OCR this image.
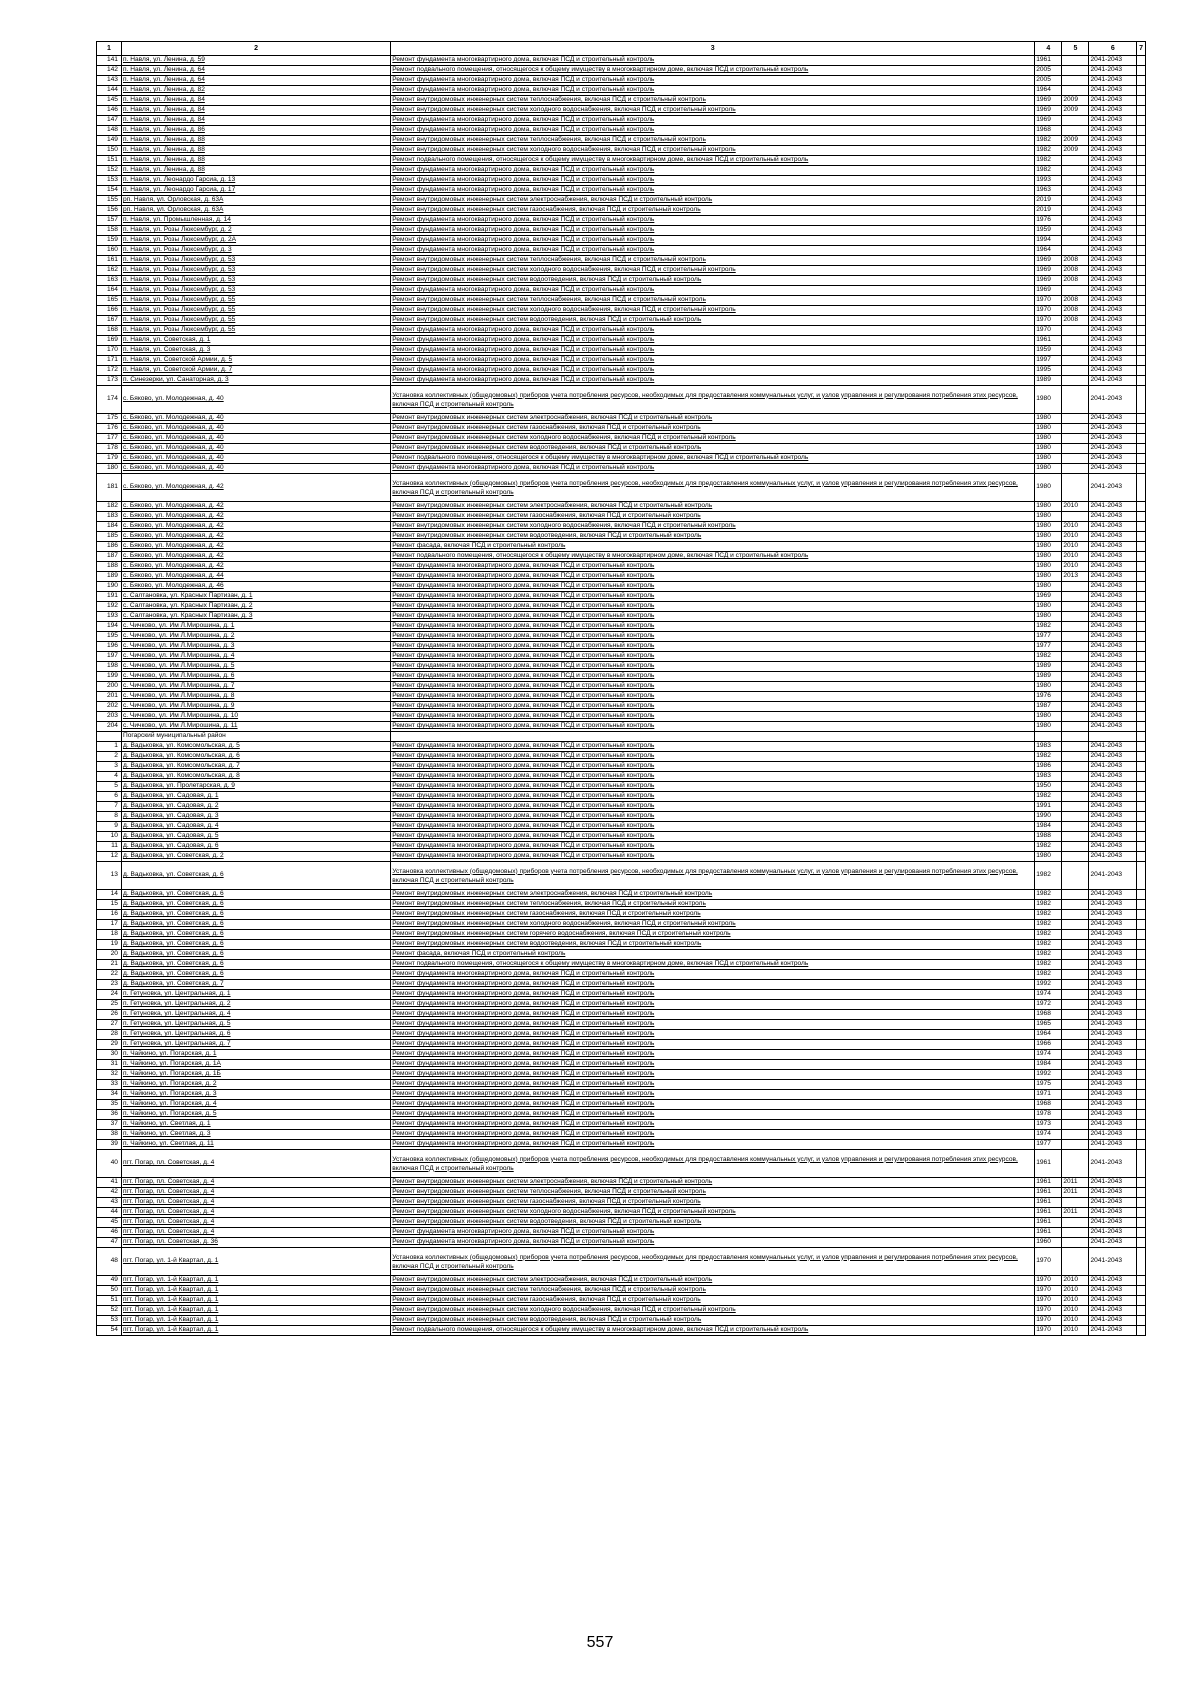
1	2	3	4	5	6	7
141	п. Навля, ул. Ленина, д. 59	Ремонт фундамента многоквартирного дома, включая ПСД и строительный контроль	1961		2041-2043	
142	п. Навля, ул. Ленина, д. 64	Ремонт подвального помещения, относящегося к общему имуществу в многоквартирном доме, включая ПСД и строительный контроль	2005		2041-2043	
143	п. Навля, ул. Ленина, д. 64	Ремонт фундамента многоквартирного дома, включая ПСД и строительный контроль	2005		2041-2043	
144	п. Навля, ул. Ленина, д. 82	Ремонт фундамента многоквартирного дома, включая ПСД и строительный контроль	1964		2041-2043	
145	п. Навля, ул. Ленина, д. 84	Ремонт внутридомовых инженерных систем теплоснабжения, включая ПСД и строительный контроль	1969	2009	2041-2043	
146	п. Навля, ул. Ленина, д. 84	Ремонт внутридомовых инженерных систем холодного водоснабжения, включая ПСД и строительный контроль	1969	2009	2041-2043	
147	п. Навля, ул. Ленина, д. 84	Ремонт фундамента многоквартирного дома, включая ПСД и строительный контроль	1969		2041-2043	
148	п. Навля, ул. Ленина, д. 86	Ремонт фундамента многоквартирного дома, включая ПСД и строительный контроль	1968		2041-2043	
149	п. Навля, ул. Ленина, д. 88	Ремонт внутридомовых инженерных систем теплоснабжения, включая ПСД и строительный контроль	1982	2009	2041-2043	
150	п. Навля, ул. Ленина, д. 88	Ремонт внутридомовых инженерных систем холодного водоснабжения, включая ПСД и строительный контроль	1982	2009	2041-2043	
151	п. Навля, ул. Ленина, д. 88	Ремонт подвального помещения, относящегося к общему имуществу в многоквартирном доме, включая ПСД и строительный контроль	1982		2041-2043	
152	п. Навля, ул. Ленина, д. 88	Ремонт фундамента многоквартирного дома, включая ПСД и строительный контроль	1982		2041-2043	
153	п. Навля, ул. Леонардо Гарсиа, д. 13	Ремонт фундамента многоквартирного дома, включая ПСД и строительный контроль	1993		2041-2043	
154	п. Навля, ул. Леонардо Гарсиа, д. 17	Ремонт фундамента многоквартирного дома, включая ПСД и строительный контроль	1963		2041-2043	
155	рп. Навля, ул. Орловская, д. 63А	Ремонт внутридомовых инженерных систем электроснабжения, включая ПСД и строительный контроль	2019		2041-2043	
156	рп. Навля, ул. Орловская, д. 63А	Ремонт внутридомовых инженерных систем газоснабжения, включая ПСД и строительный контроль	2019		2041-2043	
157	п. Навля, ул. Промышленная, д. 14	Ремонт фундамента многоквартирного дома, включая ПСД и строительный контроль	1976		2041-2043	
158	п. Навля, ул. Розы Люксембург, д. 2	Ремонт фундамента многоквартирного дома, включая ПСД и строительный контроль	1959		2041-2043	
159	п. Навля, ул. Розы Люксембург, д. 2А	Ремонт фундамента многоквартирного дома, включая ПСД и строительный контроль	1994		2041-2043	
160	п. Навля, ул. Розы Люксембург, д. 3	Ремонт фундамента многоквартирного дома, включая ПСД и строительный контроль	1964		2041-2043	
161	п. Навля, ул. Розы Люксембург, д. 53	Ремонт внутридомовых инженерных систем теплоснабжения, включая ПСД и строительный контроль	1969	2008	2041-2043	
162	п. Навля, ул. Розы Люксембург, д. 53	Ремонт внутридомовых инженерных систем холодного водоснабжения, включая ПСД и строительный контроль	1969	2008	2041-2043	
163	п. Навля, ул. Розы Люксембург, д. 53	Ремонт внутридомовых инженерных систем водоотведения, включая ПСД и строительный контроль	1969	2008	2041-2043	
164	п. Навля, ул. Розы Люксембург, д. 53	Ремонт фундамента многоквартирного дома, включая ПСД и строительный контроль	1969		2041-2043	
165	п. Навля, ул. Розы Люксембург, д. 55	Ремонт внутридомовых инженерных систем теплоснабжения, включая ПСД и строительный контроль	1970	2008	2041-2043	
166	п. Навля, ул. Розы Люксембург, д. 55	Ремонт внутридомовых инженерных систем холодного водоснабжения, включая ПСД и строительный контроль	1970	2008	2041-2043	
167	п. Навля, ул. Розы Люксембург, д. 55	Ремонт внутридомовых инженерных систем водоотведения, включая ПСД и строительный контроль	1970	2008	2041-2043	
168	п. Навля, ул. Розы Люксембург, д. 55	Ремонт фундамента многоквартирного дома, включая ПСД и строительный контроль	1970		2041-2043	
169	п. Навля, ул. Советская, д. 1	Ремонт фундамента многоквартирного дома, включая ПСД и строительный контроль	1961		2041-2043	
170	п. Навля, ул. Советская, д. 3	Ремонт фундамента многоквартирного дома, включая ПСД и строительный контроль	1959		2041-2043	
171	п. Навля, ул. Советской Армии, д. 5	Ремонт фундамента многоквартирного дома, включая ПСД и строительный контроль	1997		2041-2043	
172	п. Навля, ул. Советской Армии, д. 7	Ремонт фундамента многоквартирного дома, включая ПСД и строительный контроль	1995		2041-2043	
173	п. Синезерки, ул. Санаторная, д. 3	Ремонт фундамента многоквартирного дома, включая ПСД и строительный контроль	1989		2041-2043	
174	с. Бяково, ул. Молодежная, д. 40	Установка коллективных (общедомовых) приборов учета потребления ресурсов, необходимых для предоставления коммунальных услуг, и узлов управления и регулирования потребления этих ресурсов, включая ПСД и строительный контроль	1980		2041-2043	
175	с. Бяково, ул. Молодежная, д. 40	Ремонт внутридомовых инженерных систем электроснабжения, включая ПСД и строительный контроль	1980		2041-2043	
176	с. Бяково, ул. Молодежная, д. 40	Ремонт внутридомовых инженерных систем газоснабжения, включая ПСД и строительный контроль	1980		2041-2043	
177	с. Бяково, ул. Молодежная, д. 40	Ремонт внутридомовых инженерных систем холодного водоснабжения, включая ПСД и строительный контроль	1980		2041-2043	
178	с. Бяково, ул. Молодежная, д. 40	Ремонт внутридомовых инженерных систем водоотведения, включая ПСД и строительный контроль	1980		2041-2043	
179	с. Бяково, ул. Молодежная, д. 40	Ремонт подвального помещения, относящегося к общему имуществу в многоквартирном доме, включая ПСД и строительный контроль	1980		2041-2043	
180	с. Бяково, ул. Молодежная, д. 40	Ремонт фундамента многоквартирного дома, включая ПСД и строительный контроль	1980		2041-2043	
181	с. Бяково, ул. Молодежная, д. 42	Установка коллективных (общедомовых) приборов учета потребления ресурсов, необходимых для предоставления коммунальных услуг, и узлов управления и регулирования потребления этих ресурсов, включая ПСД и строительный контроль	1980		2041-2043	
182	с. Бяково, ул. Молодежная, д. 42	Ремонт внутридомовых инженерных систем электроснабжения, включая ПСД и строительный контроль	1980	2010	2041-2043	
183	с. Бяково, ул. Молодежная, д. 42	Ремонт внутридомовых инженерных систем газоснабжения, включая ПСД и строительный контроль	1980		2041-2043	
184	с. Бяково, ул. Молодежная, д. 42	Ремонт внутридомовых инженерных систем холодного водоснабжения, включая ПСД и строительный контроль	1980	2010	2041-2043	
185	с. Бяково, ул. Молодежная, д. 42	Ремонт внутридомовых инженерных систем водоотведения, включая ПСД и строительный контроль	1980	2010	2041-2043	
186	с. Бяково, ул. Молодежная, д. 42	Ремонт фасада, включая ПСД и строительный контроль	1980	2010	2041-2043	
187	с. Бяково, ул. Молодежная, д. 42	Ремонт подвального помещения, относящегося к общему имуществу в многоквартирном доме, включая ПСД и строительный контроль	1980	2010	2041-2043	
188	с. Бяково, ул. Молодежная, д. 42	Ремонт фундамента многоквартирного дома, включая ПСД и строительный контроль	1980	2010	2041-2043	
189	с. Бяково, ул. Молодежная, д. 44	Ремонт фундамента многоквартирного дома, включая ПСД и строительный контроль	1980	2013	2041-2043	
190	с. Бяково, ул. Молодежная, д. 46	Ремонт фундамента многоквартирного дома, включая ПСД и строительный контроль	1980		2041-2043	
191	с. Салтановка, ул. Красных Партизан, д. 1	Ремонт фундамента многоквартирного дома, включая ПСД и строительный контроль	1969		2041-2043	
192	с. Салтановка, ул. Красных Партизан, д. 2	Ремонт фундамента многоквартирного дома, включая ПСД и строительный контроль	1980		2041-2043	
193	с. Салтановка, ул. Красных Партизан, д. 3	Ремонт фундамента многоквартирного дома, включая ПСД и строительный контроль	1980		2041-2043	
194	с. Чичково, ул. Им Л.Мирошина, д. 1	Ремонт фундамента многоквартирного дома, включая ПСД и строительный контроль	1982		2041-2043	
195	с. Чичково, ул. Им Л.Мирошина, д. 2	Ремонт фундамента многоквартирного дома, включая ПСД и строительный контроль	1977		2041-2043	
196	с. Чичково, ул. Им Л.Мирошина, д. 3	Ремонт фундамента многоквартирного дома, включая ПСД и строительный контроль	1977		2041-2043	
197	с. Чичково, ул. Им Л.Мирошина, д. 4	Ремонт фундамента многоквартирного дома, включая ПСД и строительный контроль	1982		2041-2043	
198	с. Чичково, ул. Им Л.Мирошина, д. 5	Ремонт фундамента многоквартирного дома, включая ПСД и строительный контроль	1989		2041-2043	
199	с. Чичково, ул. Им Л.Мирошина, д. 6	Ремонт фундамента многоквартирного дома, включая ПСД и строительный контроль	1989		2041-2043	
200	с. Чичково, ул. Им Л.Мирошина, д. 7	Ремонт фундамента многоквартирного дома, включая ПСД и строительный контроль	1980		2041-2043	
201	с. Чичково, ул. Им Л.Мирошина, д. 8	Ремонт фундамента многоквартирного дома, включая ПСД и строительный контроль	1976		2041-2043	
202	с. Чичково, ул. Им Л.Мирошина, д. 9	Ремонт фундамента многоквартирного дома, включая ПСД и строительный контроль	1987		2041-2043	
203	с. Чичково, ул. Им Л.Мирошина, д. 10	Ремонт фундамента многоквартирного дома, включая ПСД и строительный контроль	1980		2041-2043	
204	с. Чичково, ул. Им Л.Мирошина, д. 11	Ремонт фундамента многоквартирного дома, включая ПСД и строительный контроль	1980		2041-2043	
	Погарский муниципальный район					
1	д. Вадьковка, ул. Комсомольская, д. 5	Ремонт фундамента многоквартирного дома, включая ПСД и строительный контроль	1983		2041-2043	
2	д. Вадьковка, ул. Комсомольская, д. 6	Ремонт фундамента многоквартирного дома, включая ПСД и строительный контроль	1982		2041-2043	
3	д. Вадьковка, ул. Комсомольская, д. 7	Ремонт фундамента многоквартирного дома, включая ПСД и строительный контроль	1986		2041-2043	
4	д. Вадьковка, ул. Комсомольская, д. 8	Ремонт фундамента многоквартирного дома, включая ПСД и строительный контроль	1983		2041-2043	
5	д. Вадьковка, ул. Пролетарская, д. 9	Ремонт фундамента многоквартирного дома, включая ПСД и строительный контроль	1950		2041-2043	
6	д. Вадьковка, ул. Садовая, д. 1	Ремонт фундамента многоквартирного дома, включая ПСД и строительный контроль	1982		2041-2043	
7	д. Вадьковка, ул. Садовая, д. 2	Ремонт фундамента многоквартирного дома, включая ПСД и строительный контроль	1991		2041-2043	
8	д. Вадьковка, ул. Садовая, д. 3	Ремонт фундамента многоквартирного дома, включая ПСД и строительный контроль	1990		2041-2043	
9	д. Вадьковка, ул. Садовая, д. 4	Ремонт фундамента многоквартирного дома, включая ПСД и строительный контроль	1984		2041-2043	
10	д. Вадьковка, ул. Садовая, д. 5	Ремонт фундамента многоквартирного дома, включая ПСД и строительный контроль	1988		2041-2043	
11	д. Вадьковка, ул. Садовая, д. 6	Ремонт фундамента многоквартирного дома, включая ПСД и строительный контроль	1982		2041-2043	
12	д. Вадьковка, ул. Советская, д. 2	Ремонт фундамента многоквартирного дома, включая ПСД и строительный контроль	1980		2041-2043	
13	д. Вадьковка, ул. Советская, д. 6	Установка коллективных (общедомовых) приборов учета потребления ресурсов, необходимых для предоставления коммунальных услуг, и узлов управления и регулирования потребления этих ресурсов, включая ПСД и строительный контроль	1982		2041-2043	
14	д. Вадьковка, ул. Советская, д. 6	Ремонт внутридомовых инженерных систем электроснабжения, включая ПСД и строительный контроль	1982		2041-2043	
15	д. Вадьковка, ул. Советская, д. 6	Ремонт внутридомовых инженерных систем теплоснабжения, включая ПСД и строительный контроль	1982		2041-2043	
16	д. Вадьковка, ул. Советская, д. 6	Ремонт внутридомовых инженерных систем газоснабжения, включая ПСД и строительный контроль	1982		2041-2043	
17	д. Вадьковка, ул. Советская, д. 6	Ремонт внутридомовых инженерных систем холодного водоснабжения, включая ПСД и строительный контроль	1982		2041-2043	
18	д. Вадьковка, ул. Советская, д. 6	Ремонт внутридомовых инженерных систем горячего водоснабжения, включая ПСД и строительный контроль	1982		2041-2043	
19	д. Вадьковка, ул. Советская, д. 6	Ремонт внутридомовых инженерных систем водоотведения, включая ПСД и строительный контроль	1982		2041-2043	
20	д. Вадьковка, ул. Советская, д. 6	Ремонт фасада, включая ПСД и строительный контроль	1982		2041-2043	
21	д. Вадьковка, ул. Советская, д. 6	Ремонт подвального помещения, относящегося к общему имуществу в многоквартирном доме, включая ПСД и строительный контроль	1982		2041-2043	
22	д. Вадьковка, ул. Советская, д. 6	Ремонт фундамента многоквартирного дома, включая ПСД и строительный контроль	1982		2041-2043	
23	д. Вадьковка, ул. Советская, д. 7	Ремонт фундамента многоквартирного дома, включая ПСД и строительный контроль	1992		2041-2043	
24	п. Гетуновка, ул. Центральная, д. 1	Ремонт фундамента многоквартирного дома, включая ПСД и строительный контроль	1974		2041-2043	
25	п. Гетуновка, ул. Центральная, д. 2	Ремонт фундамента многоквартирного дома, включая ПСД и строительный контроль	1972		2041-2043	
26	п. Гетуновка, ул. Центральная, д. 4	Ремонт фундамента многоквартирного дома, включая ПСД и строительный контроль	1968		2041-2043	
27	п. Гетуновка, ул. Центральная, д. 5	Ремонт фундамента многоквартирного дома, включая ПСД и строительный контроль	1965		2041-2043	
28	п. Гетуновка, ул. Центральная, д. 6	Ремонт фундамента многоквартирного дома, включая ПСД и строительный контроль	1964		2041-2043	
29	п. Гетуновка, ул. Центральная, д. 7	Ремонт фундамента многоквартирного дома, включая ПСД и строительный контроль	1966		2041-2043	
30	п. Чайкино, ул. Погарская, д. 1	Ремонт фундамента многоквартирного дома, включая ПСД и строительный контроль	1974		2041-2043	
31	п. Чайкино, ул. Погарская, д. 1А	Ремонт фундамента многоквартирного дома, включая ПСД и строительный контроль	1984		2041-2043	
32	п. Чайкино, ул. Погарская, д. 1Б	Ремонт фундамента многоквартирного дома, включая ПСД и строительный контроль	1992		2041-2043	
33	п. Чайкино, ул. Погарская, д. 2	Ремонт фундамента многоквартирного дома, включая ПСД и строительный контроль	1975		2041-2043	
34	п. Чайкино, ул. Погарская, д. 3	Ремонт фундамента многоквартирного дома, включая ПСД и строительный контроль	1971		2041-2043	
35	п. Чайкино, ул. Погарская, д. 4	Ремонт фундамента многоквартирного дома, включая ПСД и строительный контроль	1968		2041-2043	
36	п. Чайкино, ул. Погарская, д. 5	Ремонт фундамента многоквартирного дома, включая ПСД и строительный контроль	1978		2041-2043	
37	п. Чайкино, ул. Светлая, д. 1	Ремонт фундамента многоквартирного дома, включая ПСД и строительный контроль	1973		2041-2043	
38	п. Чайкино, ул. Светлая, д. 3	Ремонт фундамента многоквартирного дома, включая ПСД и строительный контроль	1974		2041-2043	
39	п. Чайкино, ул. Светлая, д. 11	Ремонт фундамента многоквартирного дома, включая ПСД и строительный контроль	1977		2041-2043	
40	пгт. Погар, пл. Советская, д. 4	Установка коллективных (общедомовых) приборов учета потребления ресурсов, необходимых для предоставления коммунальных услуг, и узлов управления и регулирования потребления этих ресурсов, включая ПСД и строительный контроль	1961		2041-2043	
41	пгт. Погар, пл. Советская, д. 4	Ремонт внутридомовых инженерных систем электроснабжения, включая ПСД и строительный контроль	1961	2011	2041-2043	
42	пгт. Погар, пл. Советская, д. 4	Ремонт внутридомовых инженерных систем теплоснабжения, включая ПСД и строительный контроль	1961	2011	2041-2043	
43	пгт. Погар, пл. Советская, д. 4	Ремонт внутридомовых инженерных систем газоснабжения, включая ПСД и строительный контроль	1961		2041-2043	
44	пгт. Погар, пл. Советская, д. 4	Ремонт внутридомовых инженерных систем холодного водоснабжения, включая ПСД и строительный контроль	1961	2011	2041-2043	
45	пгт. Погар, пл. Советская, д. 4	Ремонт внутридомовых инженерных систем водоотведения, включая ПСД и строительный контроль	1961		2041-2043	
46	пгт. Погар, пл. Советская, д. 4	Ремонт фундамента многоквартирного дома, включая ПСД и строительный контроль	1961		2041-2043	
47	пгт. Погар, пл. Советская, д. 36	Ремонт фундамента многоквартирного дома, включая ПСД и строительный контроль	1960		2041-2043	
48	пгт. Погар, ул. 1-й Квартал, д. 1	Установка коллективных (общедомовых) приборов учета потребления ресурсов, необходимых для предоставления коммунальных услуг, и узлов управления и регулирования потребления этих ресурсов, включая ПСД и строительный контроль	1970		2041-2043	
49	пгт. Погар, ул. 1-й Квартал, д. 1	Ремонт внутридомовых инженерных систем электроснабжения, включая ПСД и строительный контроль	1970	2010	2041-2043	
50	пгт. Погар, ул. 1-й Квартал, д. 1	Ремонт внутридомовых инженерных систем теплоснабжения, включая ПСД и строительный контроль	1970	2010	2041-2043	
51	пгт. Погар, ул. 1-й Квартал, д. 1	Ремонт внутридомовых инженерных систем газоснабжения, включая ПСД и строительный контроль	1970	2010	2041-2043	
52	пгт. Погар, ул. 1-й Квартал, д. 1	Ремонт внутридомовых инженерных систем холодного водоснабжения, включая ПСД и строительный контроль	1970	2010	2041-2043	
53	пгт. Погар, ул. 1-й Квартал, д. 1	Ремонт внутридомовых инженерных систем водоотведения, включая ПСД и строительный контроль	1970	2010	2041-2043	
54	пгт. Погар, ул. 1-й Квартал, д. 1	Ремонт подвального помещения, относящегося к общему имуществу в многоквартирном доме, включая ПСД и строительный контроль	1970	2010	2041-2043	
557
